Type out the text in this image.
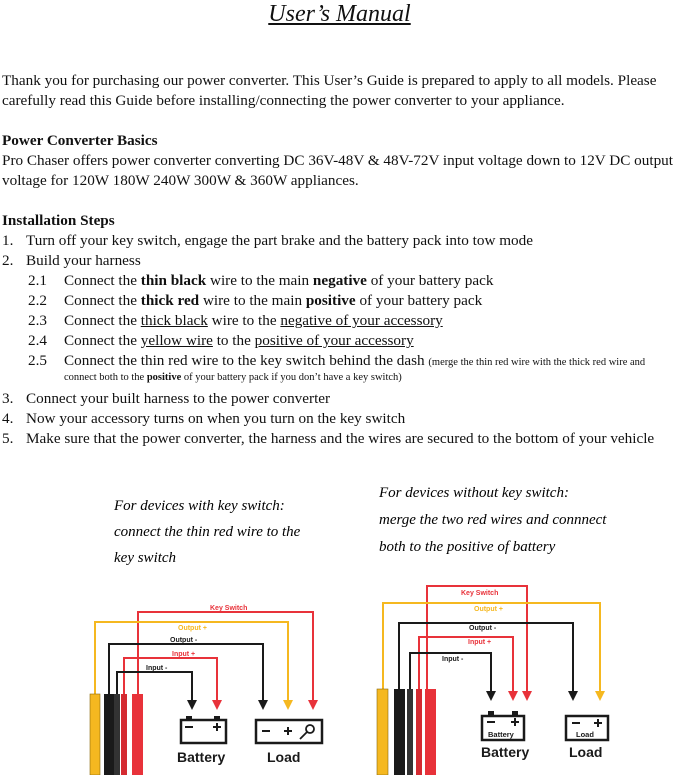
User’s Manual

Thank you for purchasing our power converter. This User’s Guide is prepared to apply to all models. Please carefully read this Guide before installing/connecting the power converter to your appliance.

Power Converter Basics

Pro Chaser offers power converter converting DC 36V-48V & 48V-72V input voltage down to 12V DC output voltage for 120W 180W 240W 300W & 360W appliances.

Installation Steps
1. Turn off your key switch, engage the part brake and the battery pack into tow mode
2. Build your harness
2.1 Connect the thin black wire to the main negative of your battery pack
2.2 Connect the thick red wire to the main positive of your battery pack
2.3 Connect the thick black wire to the negative of your accessory
2.4 Connect the yellow wire to the positive of your accessory
2.5 Connect the thin red wire to the key switch behind the dash (merge the thin red wire with the thick red wire and
connect both to the positive of your battery pack if you don’t have a key switch)
3. Connect your built harness to the power converter
4. Now your accessory turns on when you turn on the key switch
5. Make sure that the power converter, the harness and the wires are secured to the bottom of your vehicle
For devices with key switch:
connect the thin red wire to the
key switch
Key Switch
Output +
Output -
Input +
Input -
Battery	Load
For devices without key switch:
merge the two red wires and connnect
both to the positive of battery
Key Switch
Output +
Output -
Input +
Input -
Battery
Battery
Load
Load
